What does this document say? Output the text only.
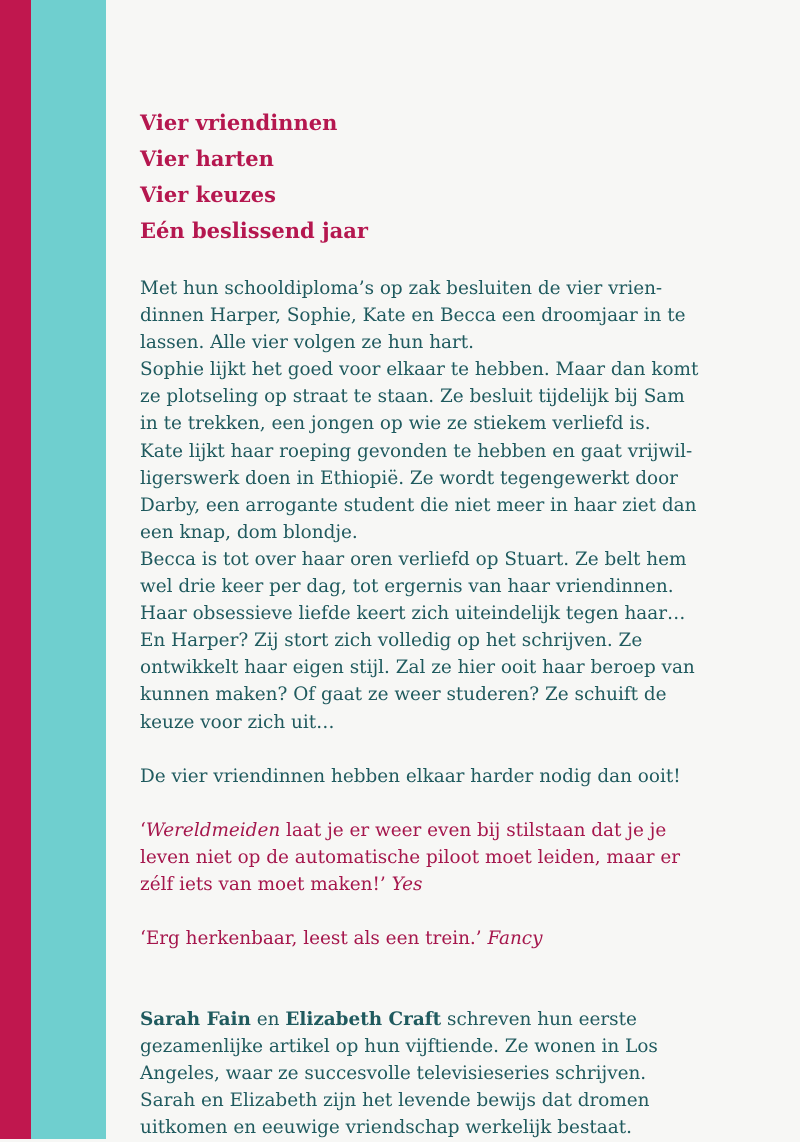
Vier vriendinnen

Vier harten

Vier keuzes

Eén beslissend jaar

Met hun schooldiploma’s op zak besluiten de vier vrien-

dinnen Harper, Sophie, Kate en Becca een droomjaar in te

lassen. Alle vier volgen ze hun hart.

Sophie lijkt het goed voor elkaar te hebben. Maar dan komt

ze plotseling op straat te staan. Ze besluit tijdelijk bij Sam

in te trekken, een jongen op wie ze stiekem verliefd is.

Kate lijkt haar roeping gevonden te hebben en gaat vrijwil-

ligerswerk doen in Ethiopië. Ze wordt tegengewerkt door

Darby, een arrogante student die niet meer in haar ziet dan

een knap, dom blondje.

Becca is tot over haar oren verliefd op Stuart. Ze belt hem

wel drie keer per dag, tot ergernis van haar vriendinnen.

Haar obsessieve liefde keert zich uiteindelijk tegen haar…

En Harper? Zij stort zich volledig op het schrijven. Ze

ontwikkelt haar eigen stijl. Zal ze hier ooit haar beroep van

kunnen maken? Of gaat ze weer studeren? Ze schuift de

keuze voor zich uit…

De vier vriendinnen hebben elkaar harder nodig dan ooit!

‘Wereldmeiden laat je er weer even bij stilstaan dat je je

leven niet op de automatische piloot moet leiden, maar er

zélf iets van moet maken!’ Yes

‘Erg herkenbaar, leest als een trein.’ Fancy

Sarah Fain en Elizabeth Craft schreven hun eerste

gezamenlijke artikel op hun vijftiende. Ze wonen in Los

Angeles, waar ze succesvolle televisieseries schrijven.

Sarah en Elizabeth zijn het levende bewijs dat dromen

uitkomen en eeuwige vriendschap werkelijk bestaat.
